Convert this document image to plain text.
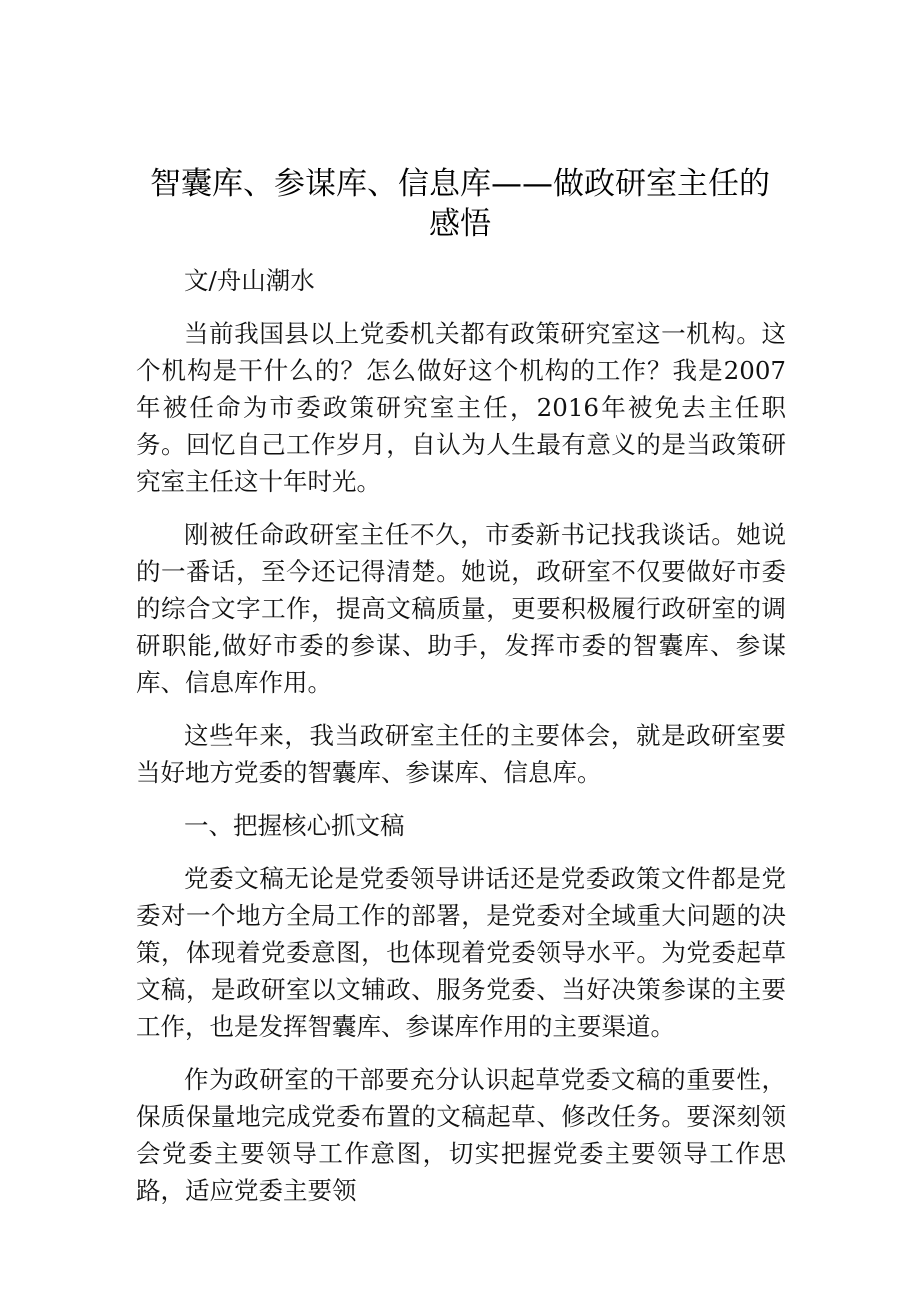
智囊库、参谋库、信息库——做政研室主任的
感悟

文/舟山潮水

当前我国县以上党委机关都有政策研究室这一机构。这个机构是干什么的？怎么做好这个机构的工作？我是2007年被任命为市委政策研究室主任，2016年被免去主任职务。回忆自己工作岁月，自认为人生最有意义的是当政策研究室主任这十年时光。

刚被任命政研室主任不久，市委新书记找我谈话。她说的一番话，至今还记得清楚。她说，政研室不仅要做好市委的综合文字工作，提高文稿质量，更要积极履行政研室的调研职能,做好市委的参谋、助手，发挥市委的智囊库、参谋库、信息库作用。

这些年来，我当政研室主任的主要体会，就是政研室要当好地方党委的智囊库、参谋库、信息库。

一、把握核心抓文稿

党委文稿无论是党委领导讲话还是党委政策文件都是党委对一个地方全局工作的部署，是党委对全域重大问题的决策，体现着党委意图，也体现着党委领导水平。为党委起草文稿，是政研室以文辅政、服务党委、当好决策参谋的主要工作，也是发挥智囊库、参谋库作用的主要渠道。

作为政研室的干部要充分认识起草党委文稿的重要性，保质保量地完成党委布置的文稿起草、修改任务。要深刻领会党委主要领导工作意图，切实把握党委主要领导工作思路，适应党委主要领
